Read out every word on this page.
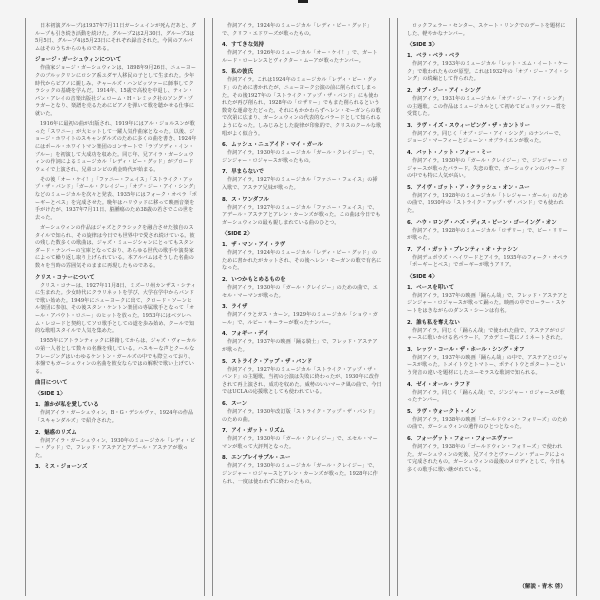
日本初演グループは1937年7月11日ガーシュインが死んだあと、グループも引き続き活動を続けた。グループ2は2月30日、グループ3は5月5日、グループ4は5月23日にそれぞれ録音された。今回のアルバムはそのうちからのものである。
ジョージ・ガーシュウィンについて
作曲家ジョージ・ガーシュウィンは、1898年9月26日、ニューヨークのブルックリンにロシア系ユダヤ人移民の子として生まれた。少年時代からピアノに親しみ、チャールズ・ハンビッツァーに師事してクラシックの基礎を学んだ。1914年、15歳で高校を中退し、ティン・パン・アレイの音楽出版社ジェローム・H・レミック社のソング・プラガーとなり、楽譜を売るためにピアノを弾いて歌を聴かせる仕事に就いた。
1916年に最初の曲が出版され、1919年にはアル・ジョルスンが歌った「スワニー」が大ヒットして一躍人気作曲家となった。以後、ジョージ・ホワイトのスキャンダルズのために多くの曲を書き、1924年にはポール・ホワイトマン楽団のコンサートで「ラプソディ・イン・ブルー」を初演して大成功を収めた。同じ年、兄アイラ・ガーシュウィンの作詞によるミュージカル「レディ・ビー・グッド」がブロードウェイで上演され、兄弟コンビの黄金時代が始まる。
その後「オー・ケイ！」「ファニー・フェイス」「ストライク・アップ・ザ・バンド」「ガール・クレイジー」「オブ・ジー・アイ・シング」などのミュージカルを次々と発表、1935年にはフォーク・オペラ「ポーギーとベス」を完成させた。晩年はハリウッドに移って映画音楽を手がけたが、1937年7月11日、脳腫瘍のため38歳の若さでこの世を去った。
ガーシュウィンの作品はジャズとクラシックを融合させた独自のスタイルで知られ、その旋律は今日でも世界中で愛され続けている。彼の残した数多くの歌曲は、ジャズ・ミュージシャンにとってもスタンダード・ナンバーの宝庫となっており、あらゆる世代の歌手や演奏家によって繰り返し取り上げられている。本アルバムはそうした名曲の数々を当時の雰囲気そのままに再現したものである。
クリス・コナーについて
クリス・コナーは、1927年11月8日、ミズーリ州カンザス・シティに生まれた。少女時代にクラリネットを学び、大学在学中からバンドで歌い始めた。1949年にニューヨークに出て、クロード・ソーンヒル楽団に参加、その後スタン・ケントン楽団の専属歌手となって「オール・アバウト・ロニー」のヒットを放った。1953年にはベツレヘム・レコードと契約してソロ歌手としての道を歩み始め、クールで知的な歌唱スタイルで人気を集めた。
1955年にアトランティックに移籍してからは、ジャズ・ヴォーカルの第一人者として数々の名盤を残している。ハスキーな声とクールなフレージングはいわゆるケントン・ガールズの中でも際立っており、本盤でもガーシュウィンの名曲を彼女ならではの解釈で歌い上げている。
曲目について
〈SIDE 1〉
1．誰かが私を愛している
作詞アイラ・ガーシュウィン、B・G・デシルヴァ、1924年の作品「スキャンダルズ」で紹介された。
2．魅惑のリズム
作詞アイラ・ガーシュウィン、1930年のミュージカル「レディ・ビー・グッド」で、フレッド・アステアとアデール・アステアが歌った。
3．ミス・ジョーンズ
作詞アイラ。1924年のミュージカル「レディ・ビー・グッド」で、クリフ・エドワーズが歌ったもの。
4．すてきな気持
作詞アイラ。1926年のミュージカル「オー・ケイ！」で、ガートルード・ローレンスとヴィクター・ムーアが歌ったナンバー。
5．私の彼氏
作詞アイラ。これは1924年のミュージカル「レディ・ビー・グッド」のために書かれたが、ニューヨーク公演の前に削られてしまった。その後1927年の「ストライク・アップ・ザ・バンド」にも使われたが再び削られ、1928年の「ロザリー」でもまた削られるという数奇な運命をたどった。それにもかかわらずヘレン・モーガンらの歌で次第に広まり、ガーシュウィンの代表的なバラードとして知られるようになった。しみじみとした旋律が印象的で、クリスのクールな歌唱がよく似合う。
6．ムッシュ・ニュアイド・マイ・ガール
作詞アイラ。1930年のミュージカル「ガール・クレイジー」で、ジンジャー・ロジャースが歌ったもの。
7．早まらないで
作詞アイラ。1927年のミュージカル「ファニー・フェイス」の挿入歌で、アステア兄妹が歌った。
8．ス・ワンダフル
作詞アイラ。1927年のミュージカル「ファニー・フェイス」で、アデール・アステアとアレン・カーンズが歌った。この曲は今日でもガーシュウィンの最も親しまれている曲のひとつ。
〈SIDE 2〉
1．ザ・マン・アイ・ラヴ
作詞アイラ。1924年のミュージカル「レディ・ビー・グッド」のために書かれたがカットされ、その後ヘレン・モーガンの歌で有名になった。
2．いつかもとめるものを
作詞アイラ。1930年の「ガール・クレイジー」のための曲で、エセル・マーマンが歌った。
3．ライザ
作詞アイラとガス・カーン。1929年のミュージカル「ショウ・ガール」で、ルビー・キーラーが歌ったナンバー。
4．フォギー・デイ
作詞アイラ。1937年の映画「踊る騎士」で、フレッド・アステアが歌った。
5．ストライク・アップ・ザ・バンド
作詞アイラ。1927年のミュージカル「ストライク・アップ・ザ・バンド」の主題歌。当初の公演は失敗に終わったが、1930年に改作されて再上演され、成功を収めた。威勢のいいマーチ風の曲で、今日ではUCLAの応援歌としても使われている。
6．スーン
作詞アイラ。1930年改訂版「ストライク・アップ・ザ・バンド」のための曲。
7．アイ・ガット・リズム
作詞アイラ。1930年の「ガール・クレイジー」で、エセル・マーマンが歌って大評判となった。
8．エンブレイサブル・ユー
作詞アイラ。1930年のミュージカル「ガール・クレイジー」で、ジンジャー・ロジャースとアレン・カーンズが歌った。1928年に作られ、一度は使われずに終わったもの。
ロックフェラー・センター、スケート・リンクでのデートを題材にした、軽やかなナンバー。
〈SIDE 3〉
1．ベラ・ベラ・ベラ
作詞アイラ。1933年のミュージカル「レット・エム・イート・ケーク」で歌われたものが原型。これは1932年の「オブ・ジー・アイ・シング」の続編として作られた。
2．オブ・ジー・アイ・シング
作詞アイラ。1931年のミュージカル「オブ・ジー・アイ・シング」の主題歌。この作品はミュージカルとして初めてピュリッツァー賞を受賞した。
3．ラヴ・イズ・スウィーピング・ザ・カントリー
作詞アイラ。同じく「オブ・ジー・アイ・シング」のナンバーで、ジョージ・マーフィーとジューン・オブライエンが歌った。
4．バット・ノット・フォー・ミー
作詞アイラ。1930年の「ガール・クレイジー」で、ジンジャー・ロジャースが歌ったバラード。失恋の歌で、ガーシュウィンのバラードの中でも特に人気が高い。
5．アイヴ・ゴット・ア・クラッシュ・オン・ユー
作詞アイラ。1928年のミュージカル「トレジャー・ガール」のための曲で、1930年の「ストライク・アップ・ザ・バンド」でも使われた。
6．ハウ・ロング・ハズ・ディス・ビーン・ゴーイング・オン
作詞アイラ。1928年のミュージカル「ロザリー」で、ビー・リリーが歌った。
7．アイ・ガット・プレンティ・オ・ナッシン
作詞デュボウズ・ヘイワードとアイラ。1935年のフォーク・オペラ「ポーギーとベス」でポーギーが歌うアリア。
〈SIDE 4〉
1．ベースを叩いて
作詞アイラ。1937年の映画「踊らん哉」で、フレッド・アステアとジンジャー・ロジャースが歌って踊った。映画の中でローラー・スケートをはきながらのダンス・シーンは有名。
2．誰も私を奪えない
作詞アイラ。同じく「踊らん哉」で使われた曲で、アステアがロジャースに歌いかける名バラード。アカデミー賞にノミネートされた。
3．レッツ・コール・ザ・ホール・シング・オフ
作詞アイラ。1937年の映画「踊らん哉」の中で、アステアとロジャースが歌った。トメイトウとトマトー、ポテイトウとポタートーという発音の違いを題材にしたユーモラスな歌詞で知られる。
4．ゼイ・オール・ラフド
作詞アイラ。同じく「踊らん哉」で、ジンジャー・ロジャースが歌ったナンバー。
5．ラヴ・ウォークト・イン
作詞アイラ。1938年の映画「ゴールドウィン・フォリーズ」のための曲で、ガーシュウィンの遺作のひとつとなった。
6．フォーゲット・フォー・フォーエヴァー
作詞アイラ。1938年の「ゴールドウィン・フォリーズ」で使われた。ガーシュウィンの死後、兄アイラとヴァーノン・デュークによって完成されたもの。ガーシュウィンの最後のメロディとして、今日も多くの歌手に歌い継がれている。
（解説・青木 啓）
